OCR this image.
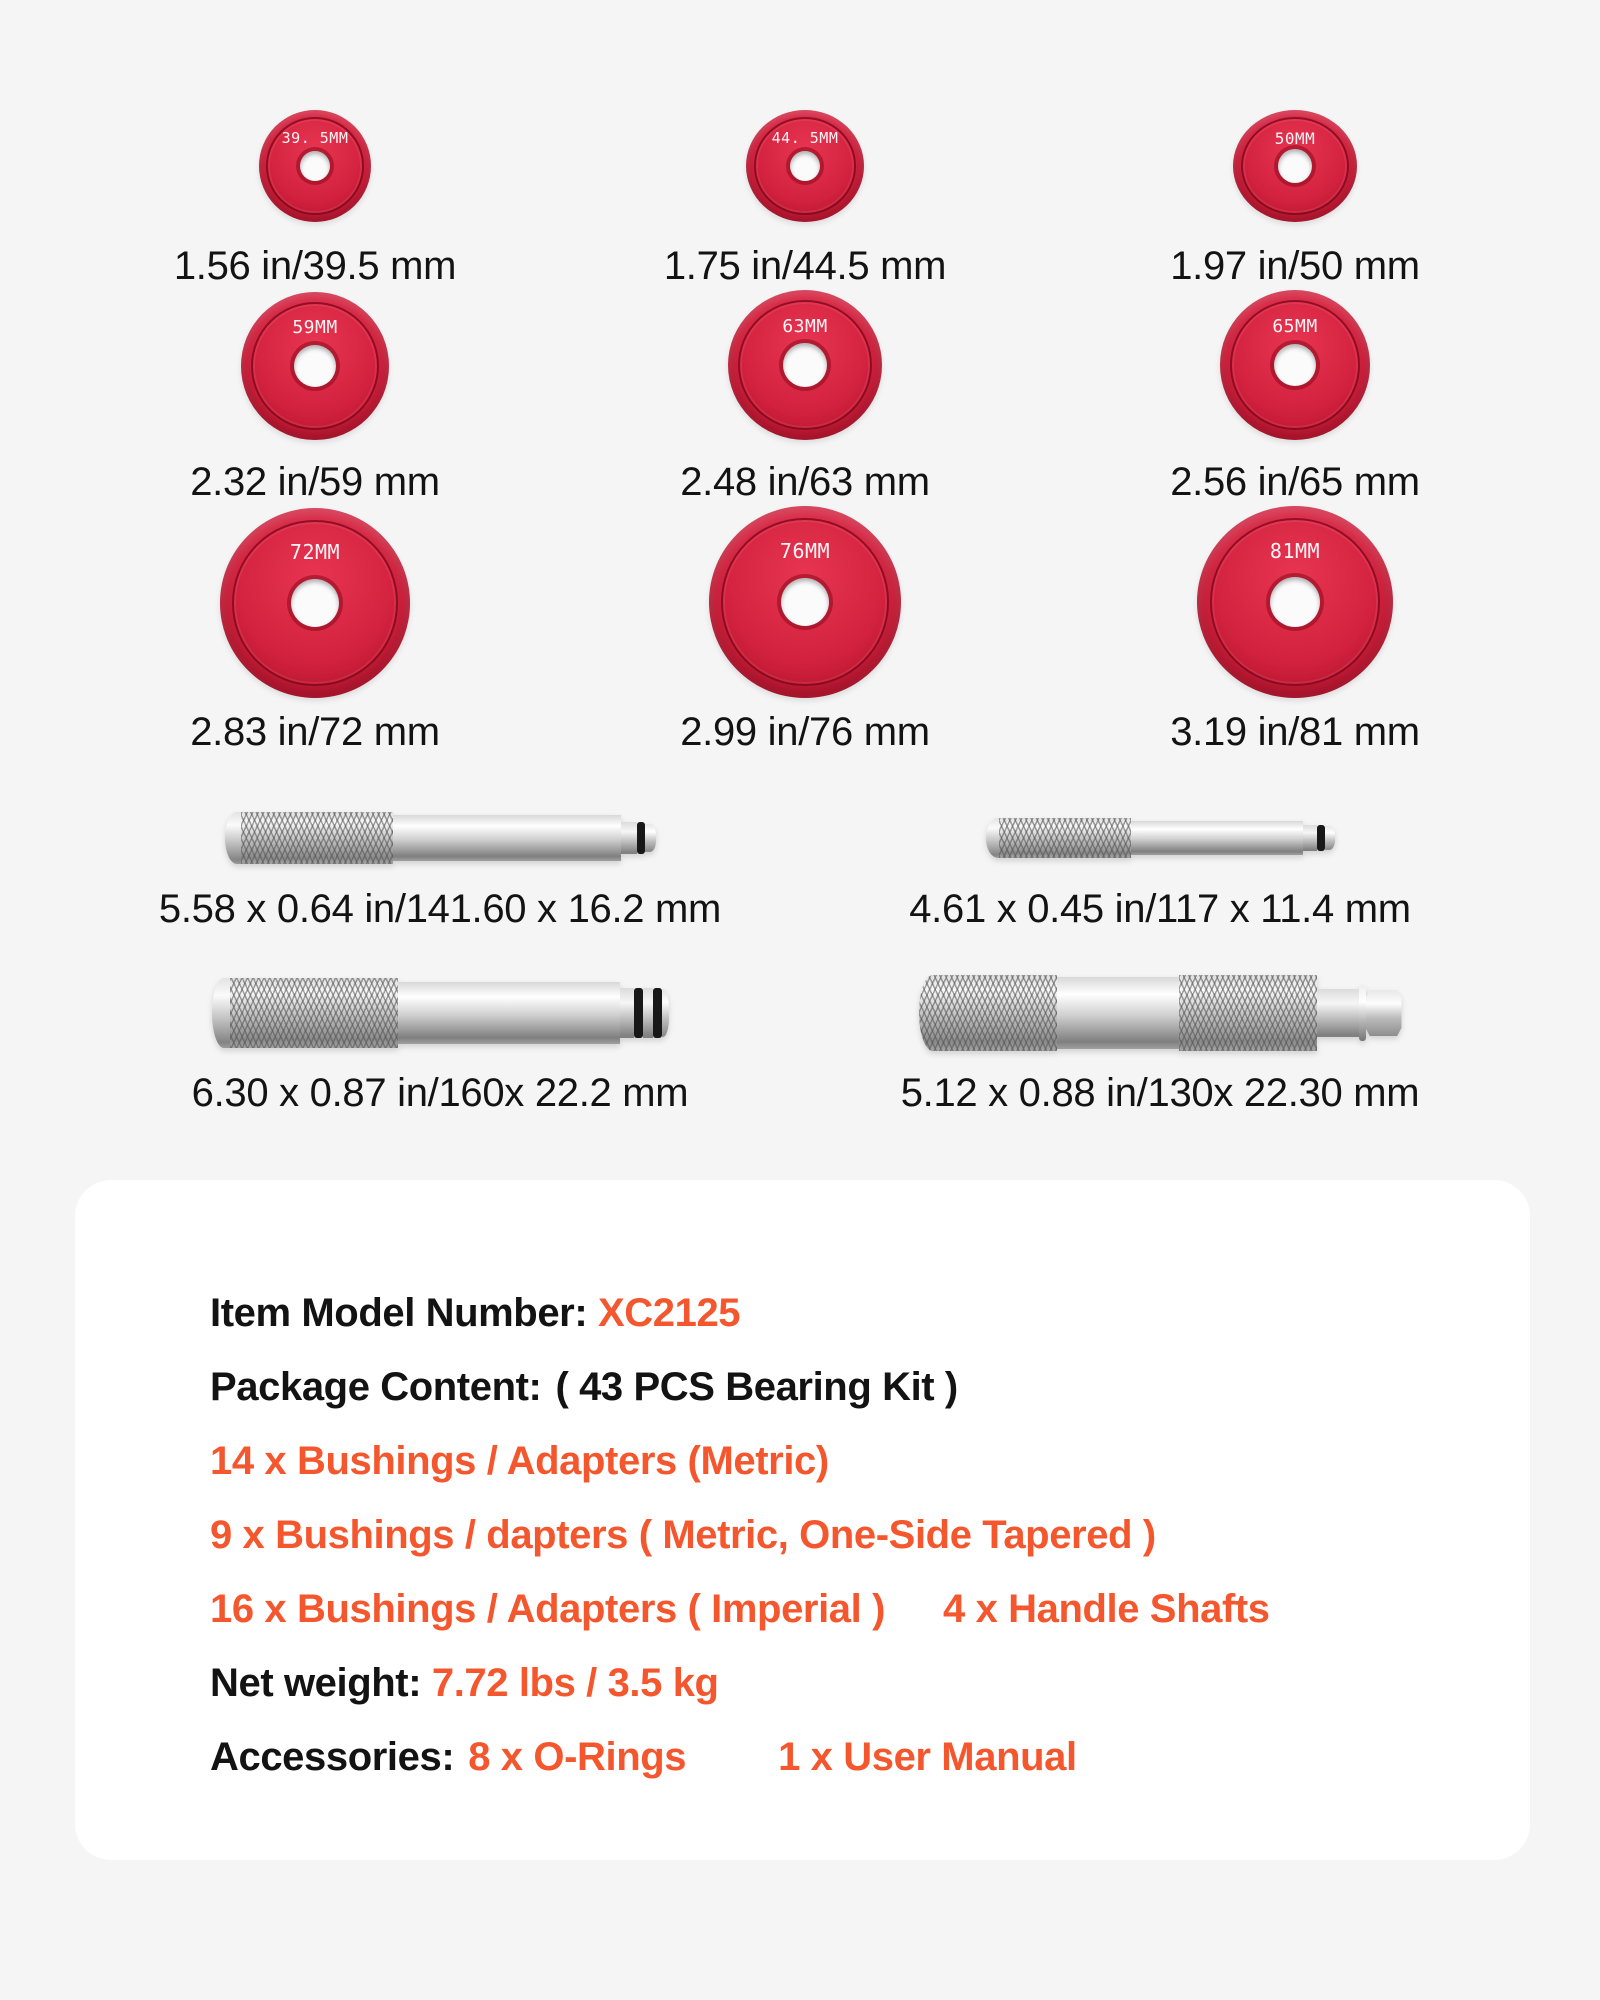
39. 5MM
1.56 in/39.5 mm
44. 5MM
1.75 in/44.5 mm
50MM
1.97 in/50 mm
59MM
2.32 in/59 mm
63MM
2.48 in/63 mm
65MM
2.56 in/65 mm
72MM
2.83 in/72 mm
76MM
2.99 in/76 mm
81MM
3.19 in/81 mm
5.58 x 0.64 in/141.60 x 16.2 mm	4.61 x 0.45 in/117 x 11.4 mm
6.30 x 0.87 in/160x 22.2 mm	5.12 x 0.88 in/130x 22.30 mm
Item Model Number: XC2125
Package Content: ( 43 PCS Bearing Kit )
14 x Bushings / Adapters (Metric)
9 x Bushings / dapters ( Metric, One-Side Tapered )
16 x Bushings / Adapters ( Imperial ) 4 x Handle Shafts
Net weight: 7.72 lbs / 3.5 kg
Accessories: 8 x O-Rings 1 x User Manual
